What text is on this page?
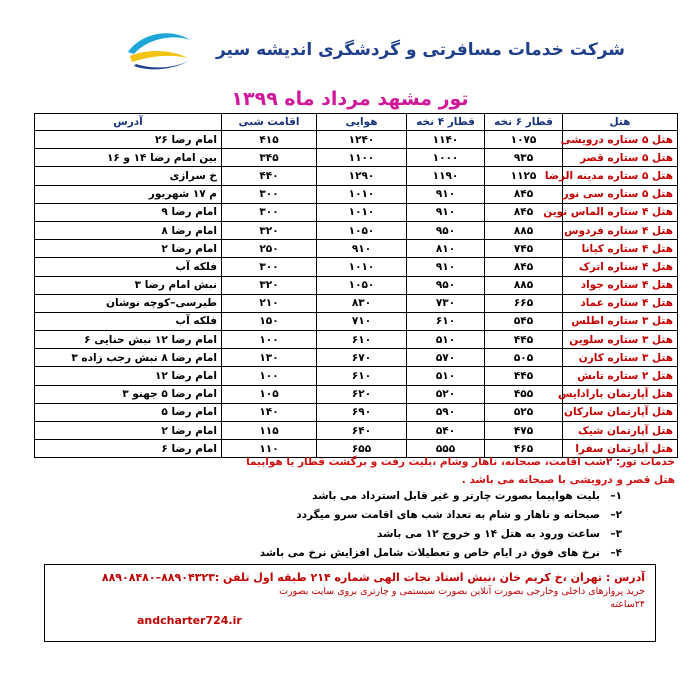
شرکت خدمات مسافرتی و گردشگری اندیشه سیر
تور مشهد مرداد ماه ۱۳۹۹
هتل	قطار ۶ نخه	قطار ۴ نخه	هوایی	اقامت شبی	آدرس
هتل ۵ ستاره درویشی	۱۰۷۵	۱۱۴۰	۱۲۴۰	۴۱۵	امام رضا ۲۶
هتل ۵ ستاره قصر	۹۳۵	۱۰۰۰	۱۱۰۰	۳۴۵	بین امام رضا ۱۴ و ۱۶
هتل ۵ ستاره مدینه الرضا	۱۱۲۵	۱۱۹۰	۱۲۹۰	۴۴۰	خ سرازی
هتل ۵ ستاره سی نور	۸۴۵	۹۱۰	۱۰۱۰	۳۰۰	م ۱۷ شهریور
هتل ۴ ستاره الماس نوین	۸۴۵	۹۱۰	۱۰۱۰	۳۰۰	امام رضا ۹
هتل ۴ ستاره فردوس	۸۸۵	۹۵۰	۱۰۵۰	۳۲۰	امام رضا ۸
هتل ۴ ستاره کیانا	۷۴۵	۸۱۰	۹۱۰	۲۵۰	امام رضا ۲
هتل ۴ ستاره اترک	۸۴۵	۹۱۰	۱۰۱۰	۳۰۰	فلکه آب
هتل ۴ ستاره جواد	۸۸۵	۹۵۰	۱۰۵۰	۳۲۰	نبش امام رضا ۳
هتل ۴ ستاره عماد	۶۶۵	۷۳۰	۸۳۰	۲۱۰	طبرسی–کوچه نوشان
هتل ۳ ستاره اطلس	۵۴۵	۶۱۰	۷۱۰	۱۵۰	فلکه آب
هتل ۳ ستاره سلوین	۴۴۵	۵۱۰	۶۱۰	۱۰۰	امام رضا ۱۲ نبش حنایی ۶
هتل ۳ ستاره کارن	۵۰۵	۵۷۰	۶۷۰	۱۳۰	امام رضا ۸ نبش رجب زاده ۳
هتل ۲ ستاره تابش	۴۴۵	۵۱۰	۶۱۰	۱۰۰	امام رضا ۱۲
هتل آپارتمان بارادایس	۴۵۵	۵۲۰	۶۲۰	۱۰۵	امام رضا ۵ جهنو ۳
هتل آپارتمان سارکان	۵۲۵	۵۹۰	۶۹۰	۱۴۰	امام رضا ۵
هتل آپارتمان شیک	۴۷۵	۵۴۰	۶۴۰	۱۱۵	امام رضا ۲
هتل آپارتمان سفرا	۴۶۵	۵۵۵	۶۵۵	۱۱۰	امام رضا ۶
خدمات تور: ۲شب اقامت، صبحانه، ناهار وشام ،بلیت رفت و برگشت قطار یا هواپیما
هتل قصر و درویشی با صبحانه می باشد .
۱–
بلیت هواپیما بصورت چارتر و غیر قابل استرداد می باشد
۲–
صبحانه و ناهار و شام به تعداد شب های اقامت سرو میگردد
۳–
ساعت ورود به هتل ۱۴ و خروج ۱۲ می باشد
۴–
نرخ های فوق در ایام خاص و تعطیلات شامل افزایش نرخ می باشد
آدرس : تهران ،خ کریم خان ،نبش استاد نجات الهی شماره ۲۱۴ طبقه اول تلفن :۸۸۹۰۴۳۲۳–۸۸۹۰۸۴۸۰
خرید پروازهای داخلی وخارجی بصورت آنلاین بصورت سیستمی و چارتری بروی سایت بصورت
۲۴ساعته
andcharter724.ir
